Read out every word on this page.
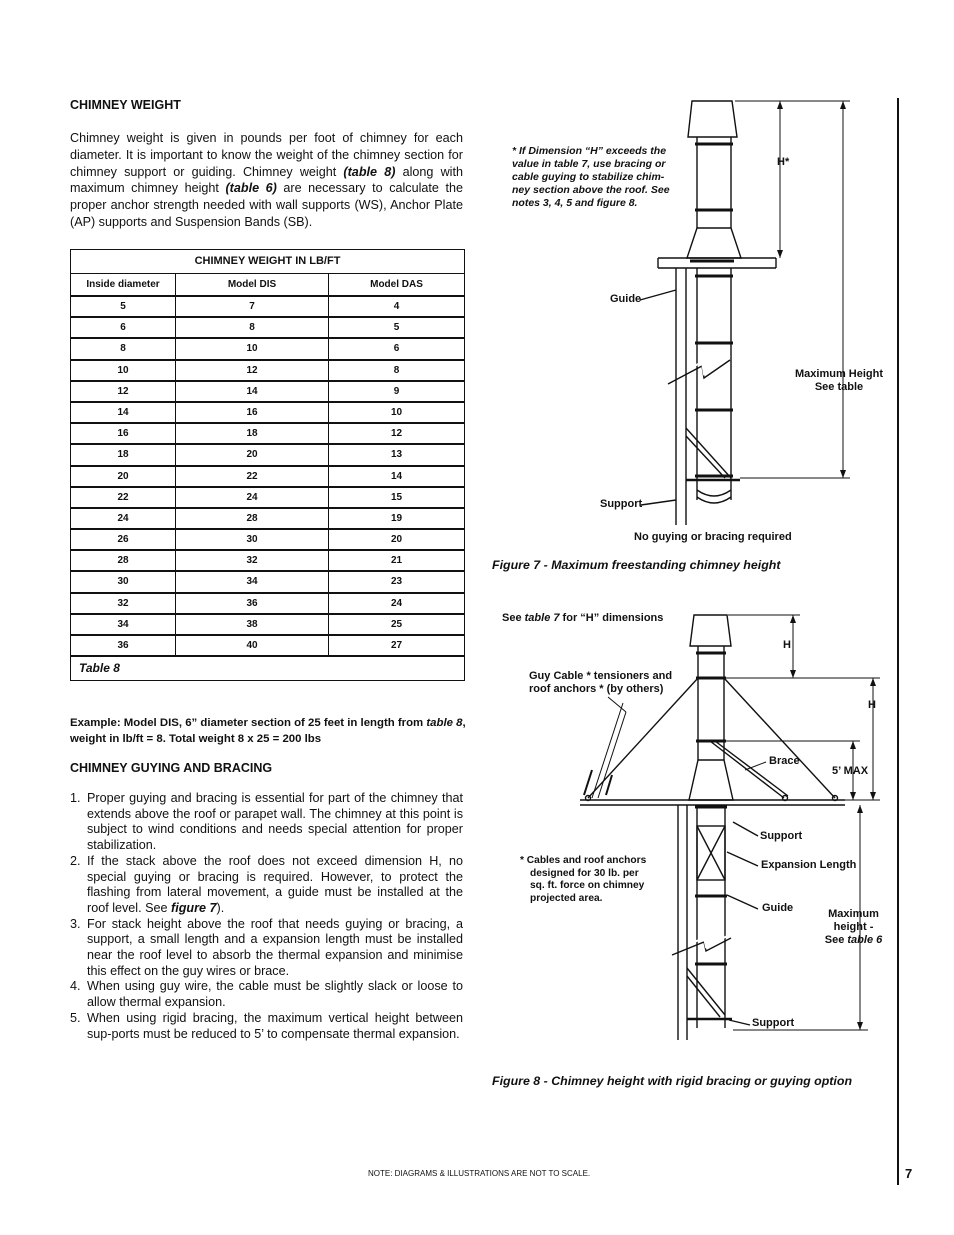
CHIMNEY WEIGHT

Chimney weight is given in pounds per foot of chimney for each diameter. It is important to know the weight of the chimney section for chimney support or guiding. Chimney weight (table 8) along with maximum chimney height (table 6) are necessary to calculate the proper anchor strength needed with wall supports (WS), Anchor Plate (AP) supports and Suspension Bands (SB).

CHIMNEY WEIGHT IN LB/FT
Inside diameter	Model DIS	Model DAS
5	7	4
6	8	5
8	10	6
10	12	8
12	14	9
14	16	10
16	18	12
18	20	13
20	22	14
22	24	15
24	28	19
26	30	20
28	32	21
30	34	23
32	36	24
34	38	25
36	40	27
Table 8
Example: Model DIS, 6” diameter section of 25 feet in length from table 8,
weight in lb/ft = 8. Total weight 8 x 25 = 200 lbs
CHIMNEY GUYING AND BRACING
1. Proper guying and bracing is essential for part of the chimney that extends above the roof or parapet wall. The chimney at this point is subject to wind conditions and needs special attention for proper stabilization.
2. If the stack above the roof does not exceed dimension H, no special guying or bracing is required. However, to protect the flashing from lateral movement, a guide must be installed at the roof level. See figure 7).
3. For stack height above the roof that needs guying or bracing, a support, a small length and a expansion length must be installed near the roof level to absorb the thermal expansion and minimise this effect on the guy wires or brace.
4. When using guy wire, the cable must be slightly slack or loose to allow thermal expansion.
5. When using rigid bracing, the maximum vertical height between sup-ports must be reduced to 5’ to compensate thermal expansion.
* If Dimension “H” exceeds the
value in table 7, use bracing or
cable guying to stabilize chim-
ney section above the roof. See
notes 3, 4, 5 and figure 8.
H*
Guide
Maximum Height
See table
Support
No guying or bracing required
Figure 7 - Maximum freestanding chimney height
See table 7 for “H” dimensions
Guy Cable * tensioners and
roof anchors * (by others)
H
H
Brace
5’ MAX
Support
Expansion Length
Guide
Support
Maximum
height -
See table 6
* Cables and roof anchors
designed for 30 lb. per
sq. ft. force on chimney
projected area.
Figure 8 - Chimney height with rigid bracing or guying option
NOTE: DIAGRAMS & ILLUSTRATIONS ARE NOT TO SCALE.	7
